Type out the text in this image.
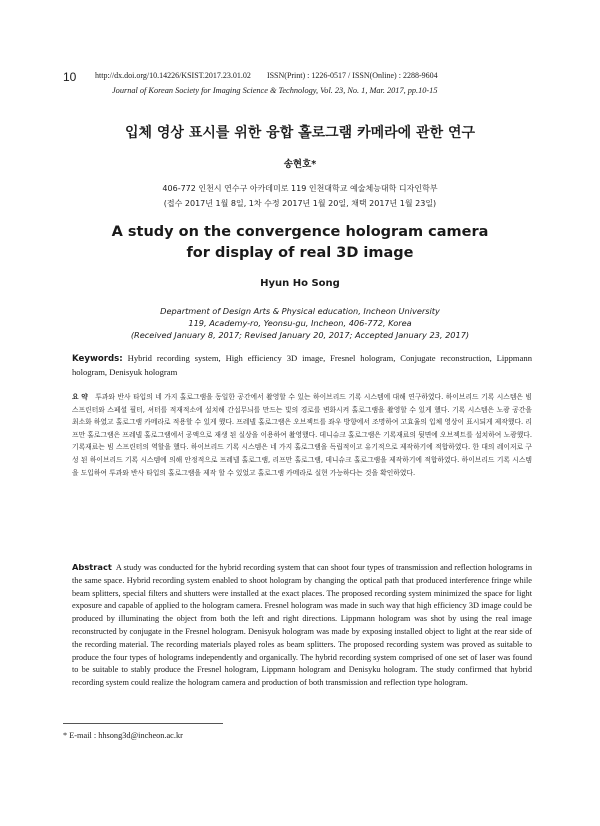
10 http://dx.doi.org/10.14226/KSIST.2017.23.01.02 ISSN(Print) : 1226-0517 / ISSN(Online) : 2288-9604
Journal of Korean Society for Imaging Science & Technology, Vol. 23, No. 1, Mar. 2017, pp.10-15
입체 영상 표시를 위한 융합 홀로그램 카메라에 관한 연구
송현호*
406-772 인천시 연수구 아카데미로 119 인천대학교 예술체능대학 디자인학부
(접수 2017년 1월 8일, 1차 수정 2017년 1월 20일, 채택 2017년 1월 23일)
A study on the convergence hologram camera
for display of real 3D image
Hyun Ho Song
Department of Design Arts & Physical education, Incheon University
119, Academy-ro, Yeonsu-gu, Incheon, 406-772, Korea
(Received January 8, 2017; Revised January 20, 2017; Accepted January 23, 2017)
Keywords: Hybrid recording system, High efficiency 3D image, Fresnel hologram, Conjugate reconstruction, Lippmann hologram, Denisyuk hologram
요 약 투과와 반사 타입의 네 가지 홀로그램을 동일한 공간에서 촬영할 수 있는 하이브리드 기록 시스템에 대해 연구하였다. 하이브리드 기록 시스템은 빔 스프린터와 스페셜 필터, 셔터를 적재적소에 설치해 간섭무늬를 만드는 빛의 경로를 변화시켜 홀로그램을 촬영할 수 있게 했다. 기록 시스템은 노광 공간을 최소화 하였고 홀로그램 카메라로 적용할 수 있게 했다. 프레넬 홀로그램은 오브젝트를 좌우 방향에서 조명하여 고효율의 입체 영상이 표시되게 제작했다. 리프만 홀로그램은 프레넬 홀로그램에서 공액으로 재생 된 실상을 이용하여 촬영했다. 데니슈크 홀로그램은 기록재료의 뒷면에 오브젝트를 설치하여 노광했다. 기록재료는 빔 스프린터의 역할을 했다. 하이브리드 기록 시스템은 네 가지 홀로그램을 독립적이고 유기적으로 제작하기에 적합하였다. 한 대의 레이저로 구성 된 하이브리드 기록 시스템에 의해 안정적으로 프레넬 홀로그램, 리프만 홀로그램, 데니슈크 홀로그램을 제작하기에 적합하였다. 하이브리드 기록 시스템을 도입하여 투과와 반사 타입의 홀로그램을 제작 할 수 있었고 홀로그램 카메라로 실현 가능하다는 것을 확인하였다.
Abstract A study was conducted for the hybrid recording system that can shoot four types of transmission and reflection holograms in the same space. Hybrid recording system enabled to shoot hologram by changing the optical path that produced interference fringe while beam splitters, special filters and shutters were installed at the exact places. The proposed recording system minimized the space for light exposure and capable of applied to the hologram camera. Fresnel hologram was made in such way that high efficiency 3D image could be produced by illuminating the object from both the left and right directions. Lippmann hologram was shot by using the real image reconstructed by conjugate in the Fresnel hologram. Denisyuk hologram was made by exposing installed object to light at the rear side of the recording material. The recording materials played roles as beam splitters. The proposed recording system was proved as suitable to produce the four types of holograms independently and organically. The hybrid recording system comprised of one set of laser was found to be suitable to stably produce the Fresnel hologram, Lippmann hologram and Denisyku hologram. The study confirmed that hybrid recording system could realize the hologram camera and production of both transmission and reflection type hologram.
* E-mail : hhsong3d@incheon.ac.kr
